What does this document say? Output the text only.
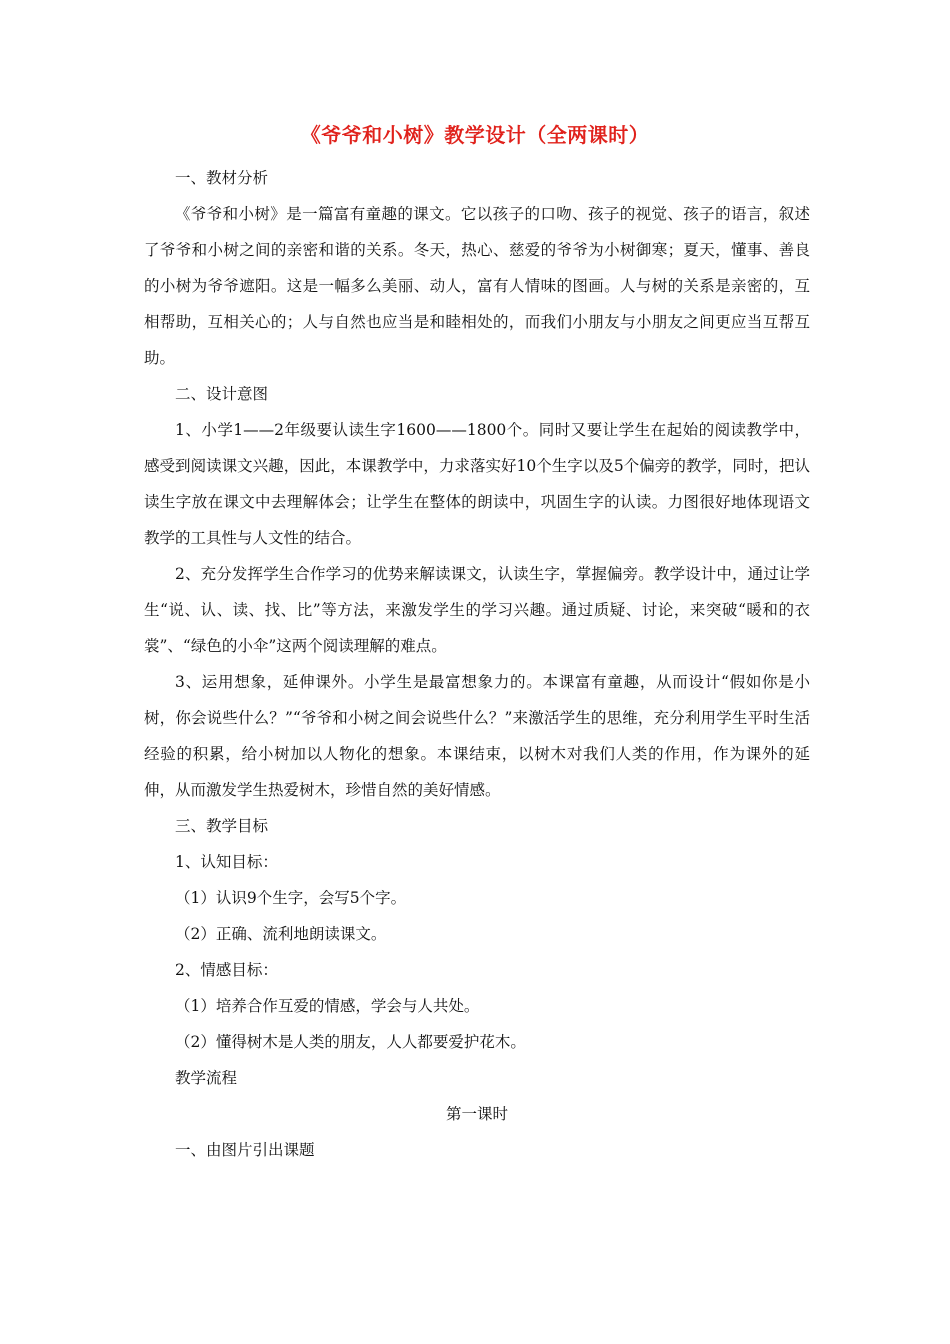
《爷爷和小树》教学设计（全两课时）

一、教材分析

《爷爷和小树》是一篇富有童趣的课文。它以孩子的口吻、孩子的视觉、孩子的语言，叙述了爷爷和小树之间的亲密和谐的关系。冬天，热心、慈爱的爷爷为小树御寒；夏天，懂事、善良的小树为爷爷遮阳。这是一幅多么美丽、动人，富有人情味的图画。人与树的关系是亲密的，互相帮助，互相关心的；人与自然也应当是和睦相处的，而我们小朋友与小朋友之间更应当互帮互助。

二、设计意图

1、小学1——2年级要认读生字1600——1800个。同时又要让学生在起始的阅读教学中，感受到阅读课文兴趣，因此，本课教学中，力求落实好10个生字以及5个偏旁的教学，同时，把认读生字放在课文中去理解体会；让学生在整体的朗读中，巩固生字的认读。力图很好地体现语文教学的工具性与人文性的结合。

2、充分发挥学生合作学习的优势来解读课文，认读生字，掌握偏旁。教学设计中，通过让学生“说、认、读、找、比”等方法，来激发学生的学习兴趣。通过质疑、讨论，来突破“暖和的衣裳”、“绿色的小伞”这两个阅读理解的难点。

3、运用想象，延伸课外。小学生是最富想象力的。本课富有童趣，从而设计“假如你是小树，你会说些什么？”“爷爷和小树之间会说些什么？”来激活学生的思维，充分利用学生平时生活经验的积累，给小树加以人物化的想象。本课结束，以树木对我们人类的作用，作为课外的延伸，从而激发学生热爱树木，珍惜自然的美好情感。

三、教学目标

1、认知目标：

（1）认识9个生字，会写5个字。

（2）正确、流利地朗读课文。

2、情感目标：

（1）培养合作互爱的情感，学会与人共处。

（2）懂得树木是人类的朋友，人人都要爱护花木。

教学流程

第一课时

一、由图片引出课题
